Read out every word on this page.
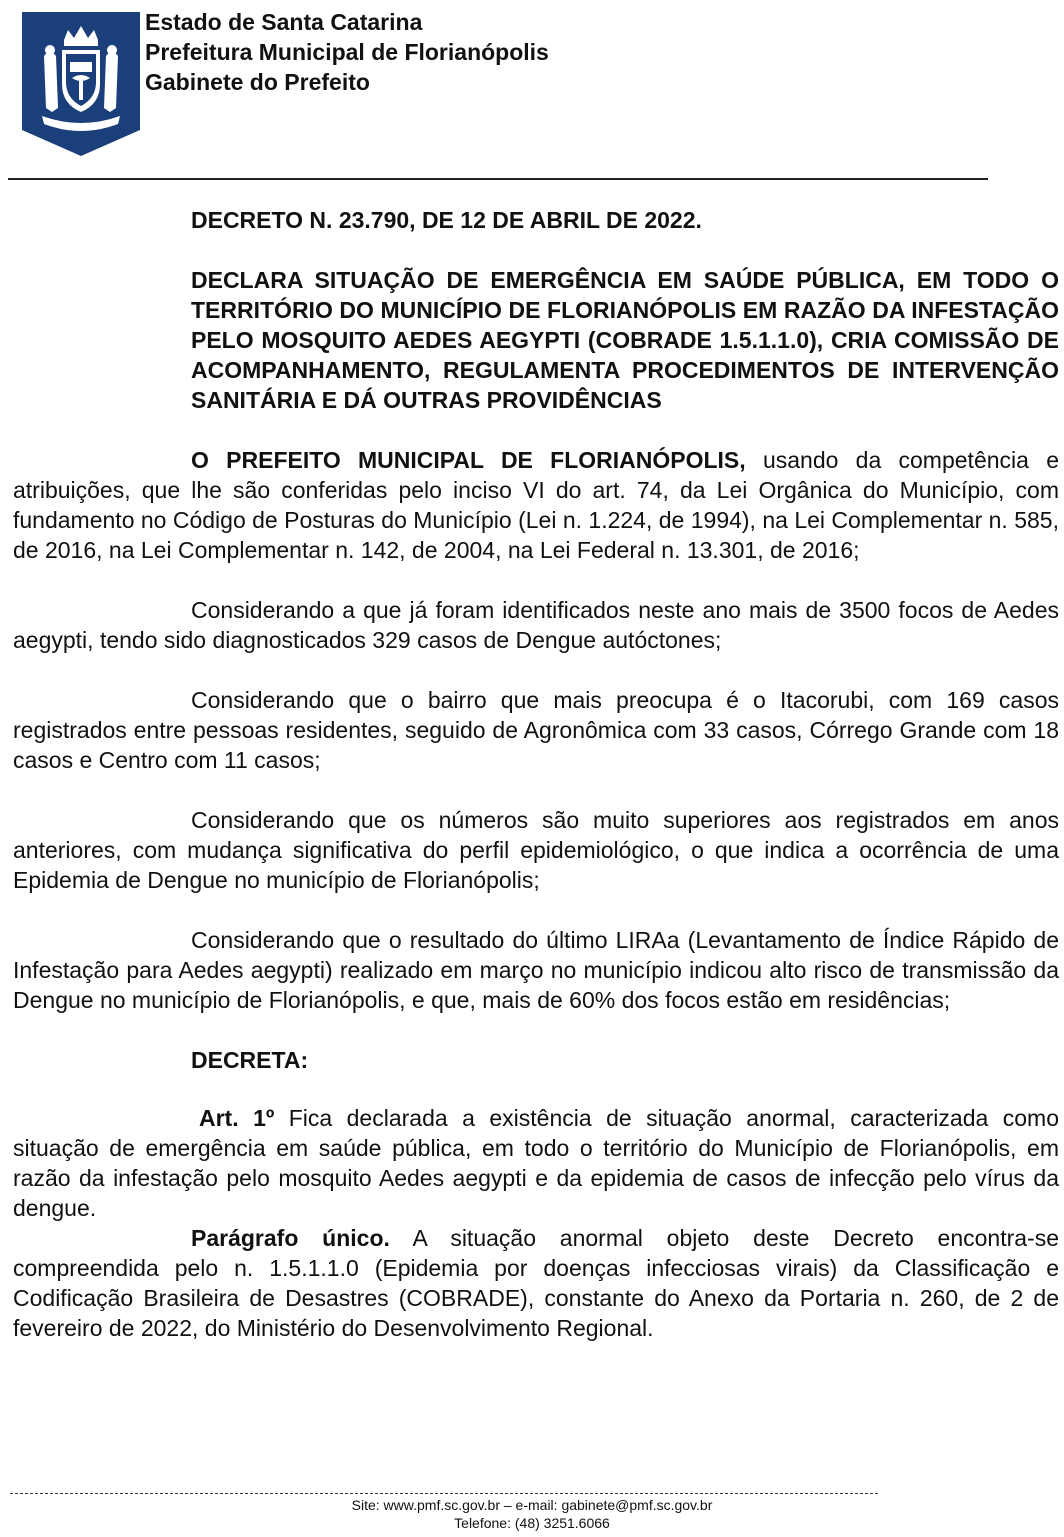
Estado de Santa Catarina
Prefeitura Municipal de Florianópolis
Gabinete do Prefeito
DECRETO N. 23.790, DE 12 DE ABRIL DE 2022.
DECLARA SITUAÇÃO DE EMERGÊNCIA EM SAÚDE PÚBLICA, EM TODO O TERRITÓRIO DO MUNICÍPIO DE FLORIANÓPOLIS EM RAZÃO DA INFESTAÇÃO PELO MOSQUITO AEDES AEGYPTI (COBRADE 1.5.1.1.0), CRIA COMISSÃO DE ACOMPANHAMENTO, REGULAMENTA PROCEDIMENTOS DE INTERVENÇÃO SANITÁRIA E DÁ OUTRAS PROVIDÊNCIAS

O PREFEITO MUNICIPAL DE FLORIANÓPOLIS, usando da competência e atribuições, que lhe são conferidas pelo inciso VI do art. 74, da Lei Orgânica do Município, com fundamento no Código de Posturas do Município (Lei n. 1.224, de 1994), na Lei Complementar n. 585, de 2016, na Lei Complementar n. 142, de 2004, na Lei Federal n. 13.301, de 2016;

Considerando a que já foram identificados neste ano mais de 3500 focos de Aedes aegypti, tendo sido diagnosticados 329 casos de Dengue autóctones;

Considerando que o bairro que mais preocupa é o Itacorubi, com 169 casos registrados entre pessoas residentes, seguido de Agronômica com 33 casos, Córrego Grande com 18 casos e Centro com 11 casos;

Considerando que os números são muito superiores aos registrados em anos anteriores, com mudança significativa do perfil epidemiológico, o que indica a ocorrência de uma Epidemia de Dengue no município de Florianópolis;

Considerando que o resultado do último LIRAa (Levantamento de Índice Rápido de Infestação para Aedes aegypti) realizado em março no município indicou alto risco de transmissão da Dengue no município de Florianópolis, e que, mais de 60% dos focos estão em residências;

DECRETA:

Art. 1º Fica declarada a existência de situação anormal, caracterizada como situação de emergência em saúde pública, em todo o território do Município de Florianópolis, em razão da infestação pelo mosquito Aedes aegypti e da epidemia de casos de infecção pelo vírus da dengue.

Parágrafo único. A situação anormal objeto deste Decreto encontra-se compreendida pelo n. 1.5.1.1.0 (Epidemia por doenças infecciosas virais) da Classificação e Codificação Brasileira de Desastres (COBRADE), constante do Anexo da Portaria n. 260, de 2 de fevereiro de 2022, do Ministério do Desenvolvimento Regional.

Site: www.pmf.sc.gov.br – e-mail: gabinete@pmf.sc.gov.br
Telefone: (48) 3251.6066
